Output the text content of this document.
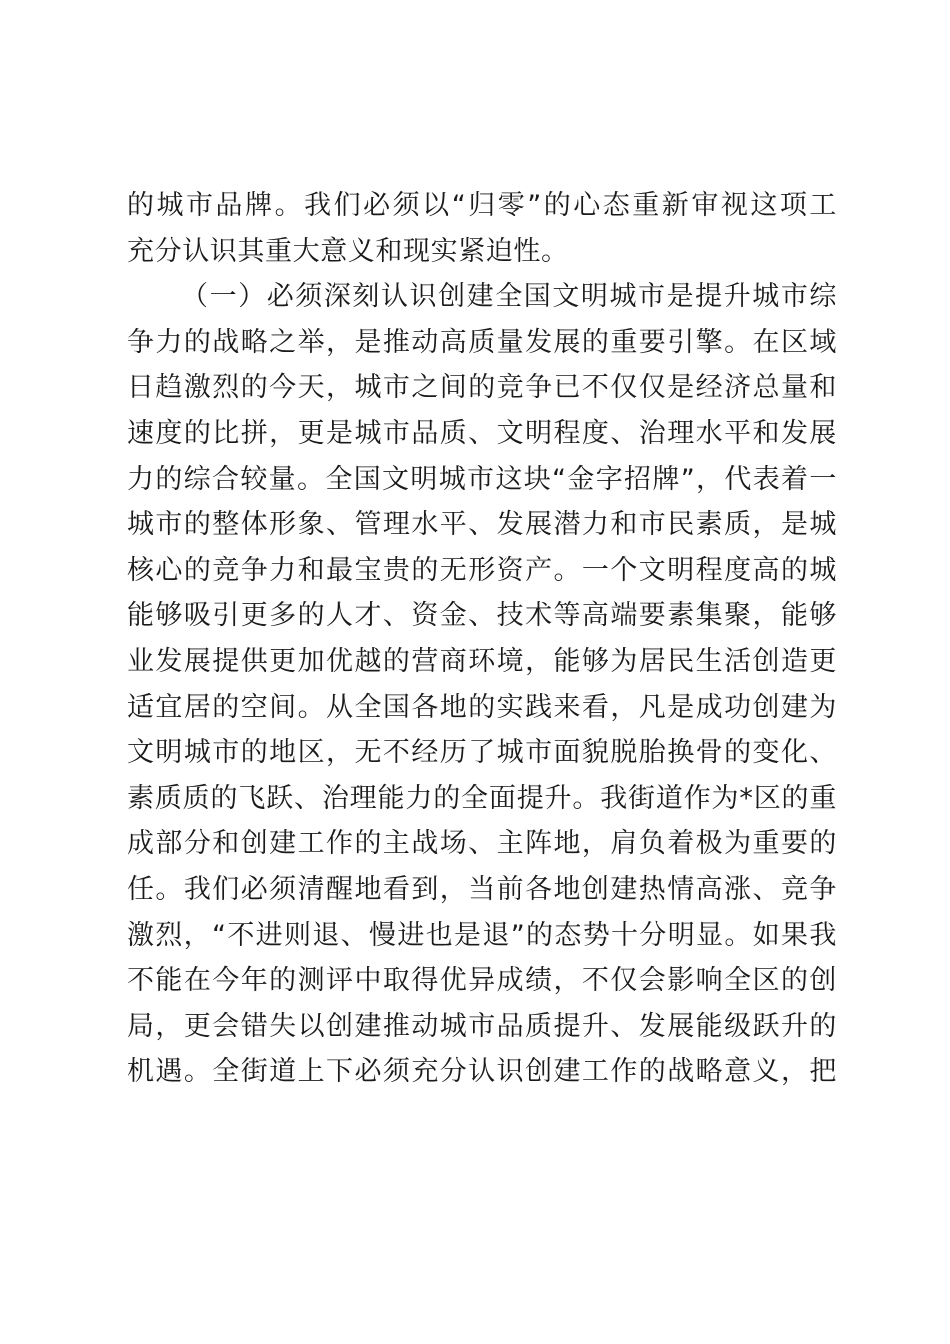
的城市品牌。我们必须以“归零”的心态重新审视这项工
充分认识其重大意义和现实紧迫性。
（一）必须深刻认识创建全国文明城市是提升城市综
争力的战略之举，是推动高质量发展的重要引擎。在区域
日趋激烈的今天，城市之间的竞争已不仅仅是经济总量和
速度的比拼，更是城市品质、文明程度、治理水平和发展
力的综合较量。全国文明城市这块“金字招牌”，代表着一
城市的整体形象、管理水平、发展潜力和市民素质，是城
核心的竞争力和最宝贵的无形资产。一个文明程度高的城
能够吸引更多的人才、资金、技术等高端要素集聚，能够
业发展提供更加优越的营商环境，能够为居民生活创造更
适宜居的空间。从全国各地的实践来看，凡是成功创建为
文明城市的地区，无不经历了城市面貌脱胎换骨的变化、
素质质的飞跃、治理能力的全面提升。我街道作为*区的重
成部分和创建工作的主战场、主阵地，肩负着极为重要的
任。我们必须清醒地看到，当前各地创建热情高涨、竞争
激烈，“不进则退、慢进也是退”的态势十分明显。如果我
不能在今年的测评中取得优异成绩，不仅会影响全区的创
局，更会错失以创建推动城市品质提升、发展能级跃升的
机遇。全街道上下必须充分认识创建工作的战略意义，把
